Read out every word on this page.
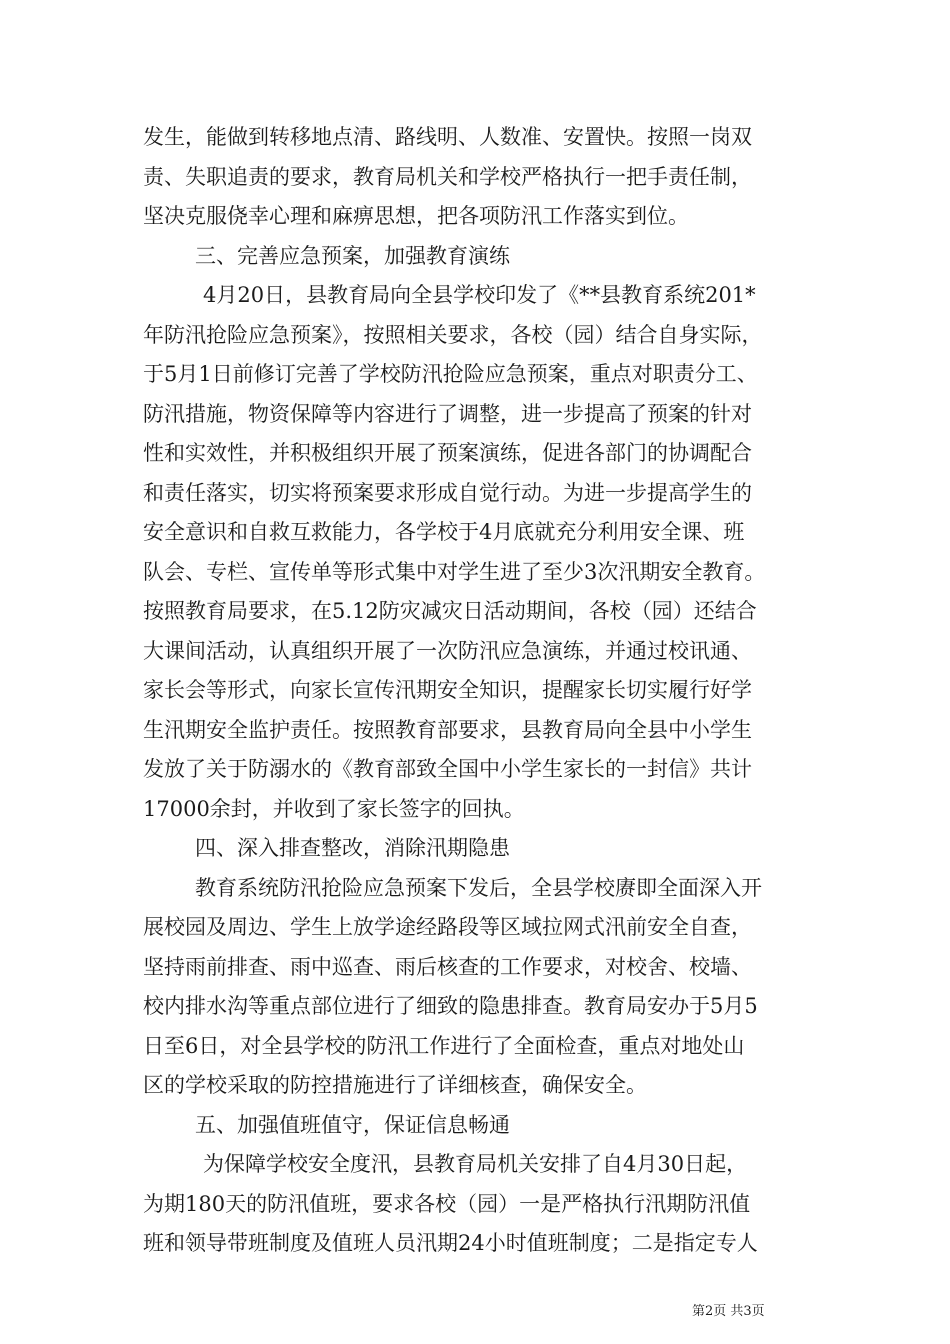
发生，能做到转移地点清、路线明、人数准、安置快。按照一岗双
责、失职追责的要求，教育局机关和学校严格执行一把手责任制，
坚决克服侥幸心理和麻痹思想，把各项防汛工作落实到位。
三、完善应急预案，加强教育演练
4月20日，县教育局向全县学校印发了《**县教育系统201*
年防汛抢险应急预案》，按照相关要求，各校（园）结合自身实际，
于5月1日前修订完善了学校防汛抢险应急预案，重点对职责分工、
防汛措施，物资保障等内容进行了调整，进一步提高了预案的针对
性和实效性，并积极组织开展了预案演练，促进各部门的协调配合
和责任落实，切实将预案要求形成自觉行动。为进一步提高学生的
安全意识和自救互救能力，各学校于4月底就充分利用安全课、班
队会、专栏、宣传单等形式集中对学生进了至少3次汛期安全教育。
按照教育局要求，在5.12防灾减灾日活动期间，各校（园）还结合
大课间活动，认真组织开展了一次防汛应急演练，并通过校讯通、
家长会等形式，向家长宣传汛期安全知识，提醒家长切实履行好学
生汛期安全监护责任。按照教育部要求，县教育局向全县中小学生
发放了关于防溺水的《教育部致全国中小学生家长的一封信》共计
17000余封，并收到了家长签字的回执。
四、深入排查整改，消除汛期隐患
教育系统防汛抢险应急预案下发后，全县学校赓即全面深入开
展校园及周边、学生上放学途经路段等区域拉网式汛前安全自查，
坚持雨前排查、雨中巡查、雨后核查的工作要求，对校舍、校墙、
校内排水沟等重点部位进行了细致的隐患排查。教育局安办于5月5
日至6日，对全县学校的防汛工作进行了全面检查，重点对地处山
区的学校采取的防控措施进行了详细核查，确保安全。
五、加强值班值守，保证信息畅通
为保障学校安全度汛，县教育局机关安排了自4月30日起，
为期180天的防汛值班，要求各校（园）一是严格执行汛期防汛值
班和领导带班制度及值班人员汛期24小时值班制度；二是指定专人
第2页 共3页
